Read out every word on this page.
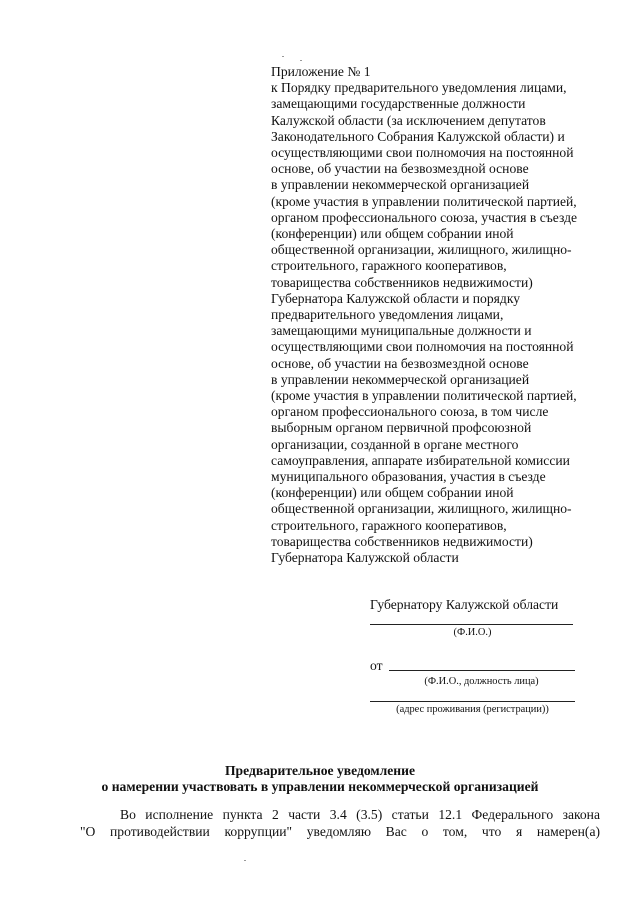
Приложение № 1
к Порядку предварительного уведомления лицами,
замещающими государственные должности
Калужской области (за исключением депутатов
Законодательного Собрания Калужской области) и
осуществляющими свои полномочия на постоянной
основе, об участии на безвозмездной основе
в управлении некоммерческой организацией
(кроме участия в управлении политической партией,
органом профессионального союза, участия в съезде
(конференции) или общем собрании иной
общественной организации, жилищного, жилищно-
строительного, гаражного кооперативов,
товарищества собственников недвижимости)
Губернатора Калужской области и порядку
предварительного уведомления лицами,
замещающими муниципальные должности и
осуществляющими свои полномочия на постоянной
основе, об участии на безвозмездной основе
в управлении некоммерческой организацией
(кроме участия в управлении политической партией,
органом профессионального союза, в том числе
выборным органом первичной профсоюзной
организации, созданной в органе местного
самоуправления, аппарате избирательной комиссии
муниципального образования, участия в съезде
(конференции) или общем собрании иной
общественной организации, жилищного, жилищно-
строительного, гаражного кооперативов,
товарищества собственников недвижимости)
Губернатора Калужской области
Губернатору Калужской области
(Ф.И.О.)
от
(Ф.И.О., должность лица)
(адрес проживания (регистрации))
Предварительное уведомление
о намерении участвовать в управлении некоммерческой организацией
Во исполнение пункта 2 части 3.4 (3.5) статьи 12.1 Федерального закона
"О противодействии коррупции" уведомляю Вас о том, что я намерен(а)
